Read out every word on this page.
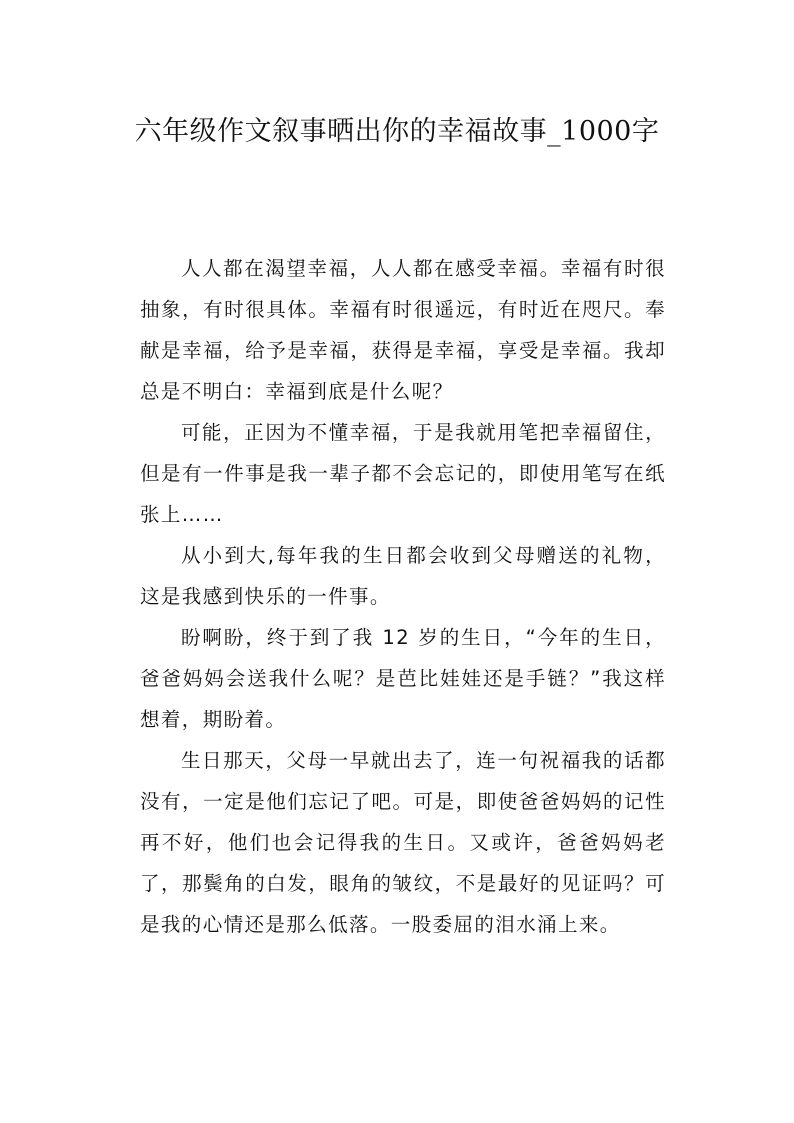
六年级作文叙事晒出你的幸福故事_1000字

人人都在渴望幸福，人人都在感受幸福。幸福有时很抽象，有时很具体。幸福有时很遥远，有时近在咫尺。奉献是幸福，给予是幸福，获得是幸福，享受是幸福。我却总是不明白：幸福到底是什么呢？

可能，正因为不懂幸福，于是我就用笔把幸福留住，但是有一件事是我一辈子都不会忘记的，即使用笔写在纸张上……

从小到大,每年我的生日都会收到父母赠送的礼物，这是我感到快乐的一件事。

盼啊盼，终于到了我 12 岁的生日，“今年的生日，爸爸妈妈会送我什么呢？是芭比娃娃还是手链？”我这样想着，期盼着。

生日那天，父母一早就出去了，连一句祝福我的话都没有，一定是他们忘记了吧。可是，即使爸爸妈妈的记性再不好，他们也会记得我的生日。又或许，爸爸妈妈老了，那鬓角的白发，眼角的皱纹，不是最好的见证吗？可是我的心情还是那么低落。一股委屈的泪水涌上来。
